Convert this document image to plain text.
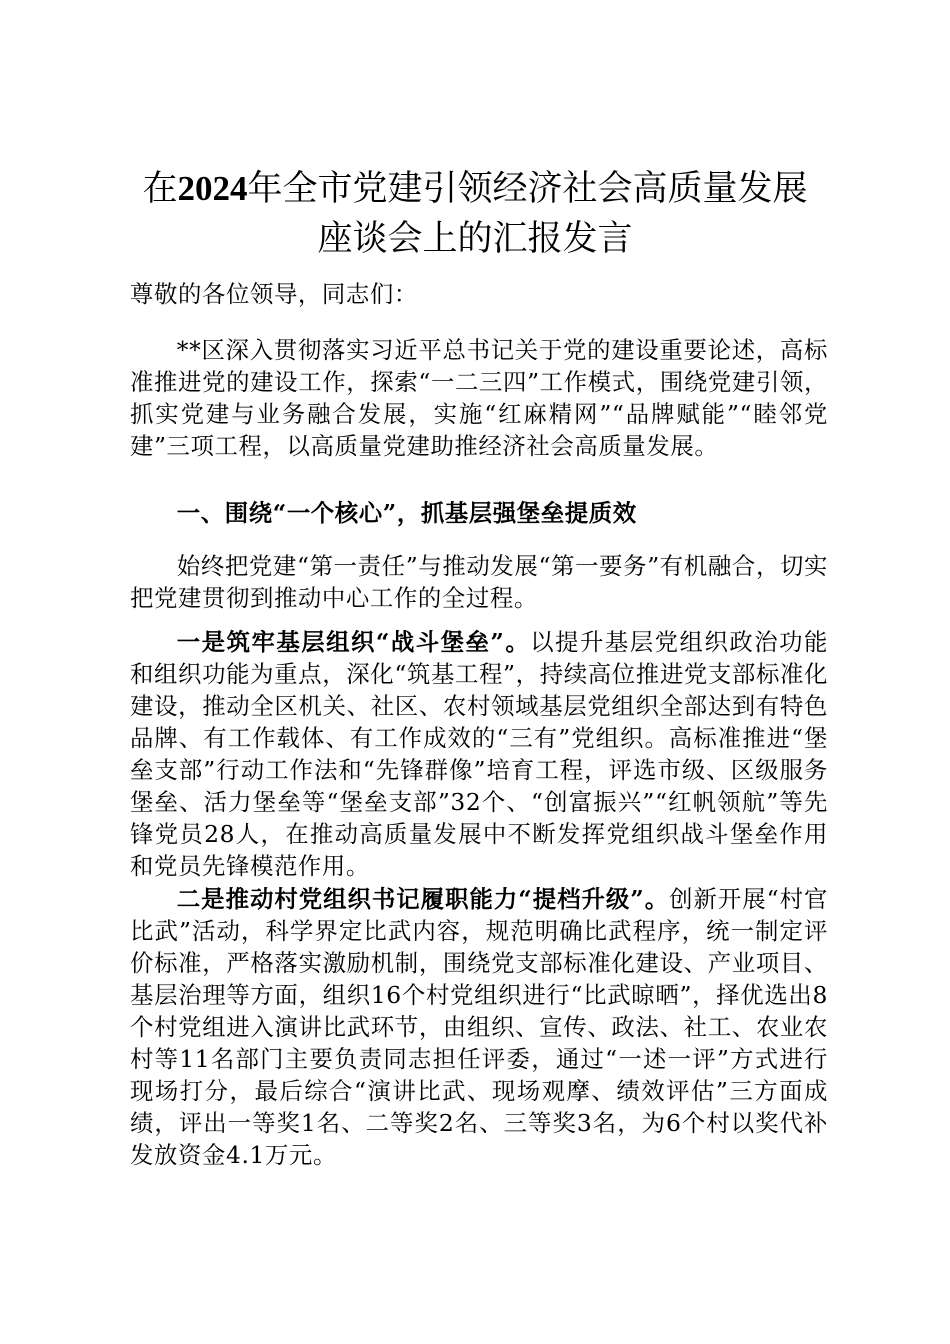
在2024年全市党建引领经济社会高质量发展
座谈会上的汇报发言

尊敬的各位领导，同志们：

**区深入贯彻落实习近平总书记关于党的建设重要论述，高标准推进党的建设工作，探索“一二三四”工作模式，围绕党建引领，抓实党建与业务融合发展，实施“红麻精网”“品牌赋能”“睦邻党建”三项工程，以高质量党建助推经济社会高质量发展。

一、围绕“一个核心”，抓基层强堡垒提质效

始终把党建“第一责任”与推动发展“第一要务”有机融合，切实把党建贯彻到推动中心工作的全过程。

一是筑牢基层组织“战斗堡垒”。以提升基层党组织政治功能和组织功能为重点，深化“筑基工程”，持续高位推进党支部标准化建设，推动全区机关、社区、农村领域基层党组织全部达到有特色品牌、有工作载体、有工作成效的“三有”党组织。高标准推进“堡垒支部”行动工作法和“先锋群像”培育工程，评选市级、区级服务堡垒、活力堡垒等“堡垒支部”32个、“创富振兴”“红帆领航”等先锋党员28人，在推动高质量发展中不断发挥党组织战斗堡垒作用和党员先锋模范作用。

二是推动村党组织书记履职能力“提档升级”。创新开展“村官比武”活动，科学界定比武内容，规范明确比武程序，统一制定评价标准，严格落实激励机制，围绕党支部标准化建设、产业项目、基层治理等方面，组织16个村党组织进行“比武晾晒”，择优选出8个村党组进入演讲比武环节，由组织、宣传、政法、社工、农业农村等11名部门主要负责同志担任评委，通过“一述一评”方式进行现场打分，最后综合“演讲比武、现场观摩、绩效评估”三方面成绩，评出一等奖1名、二等奖2名、三等奖3名，为6个村以奖代补发放资金4.1万元。
